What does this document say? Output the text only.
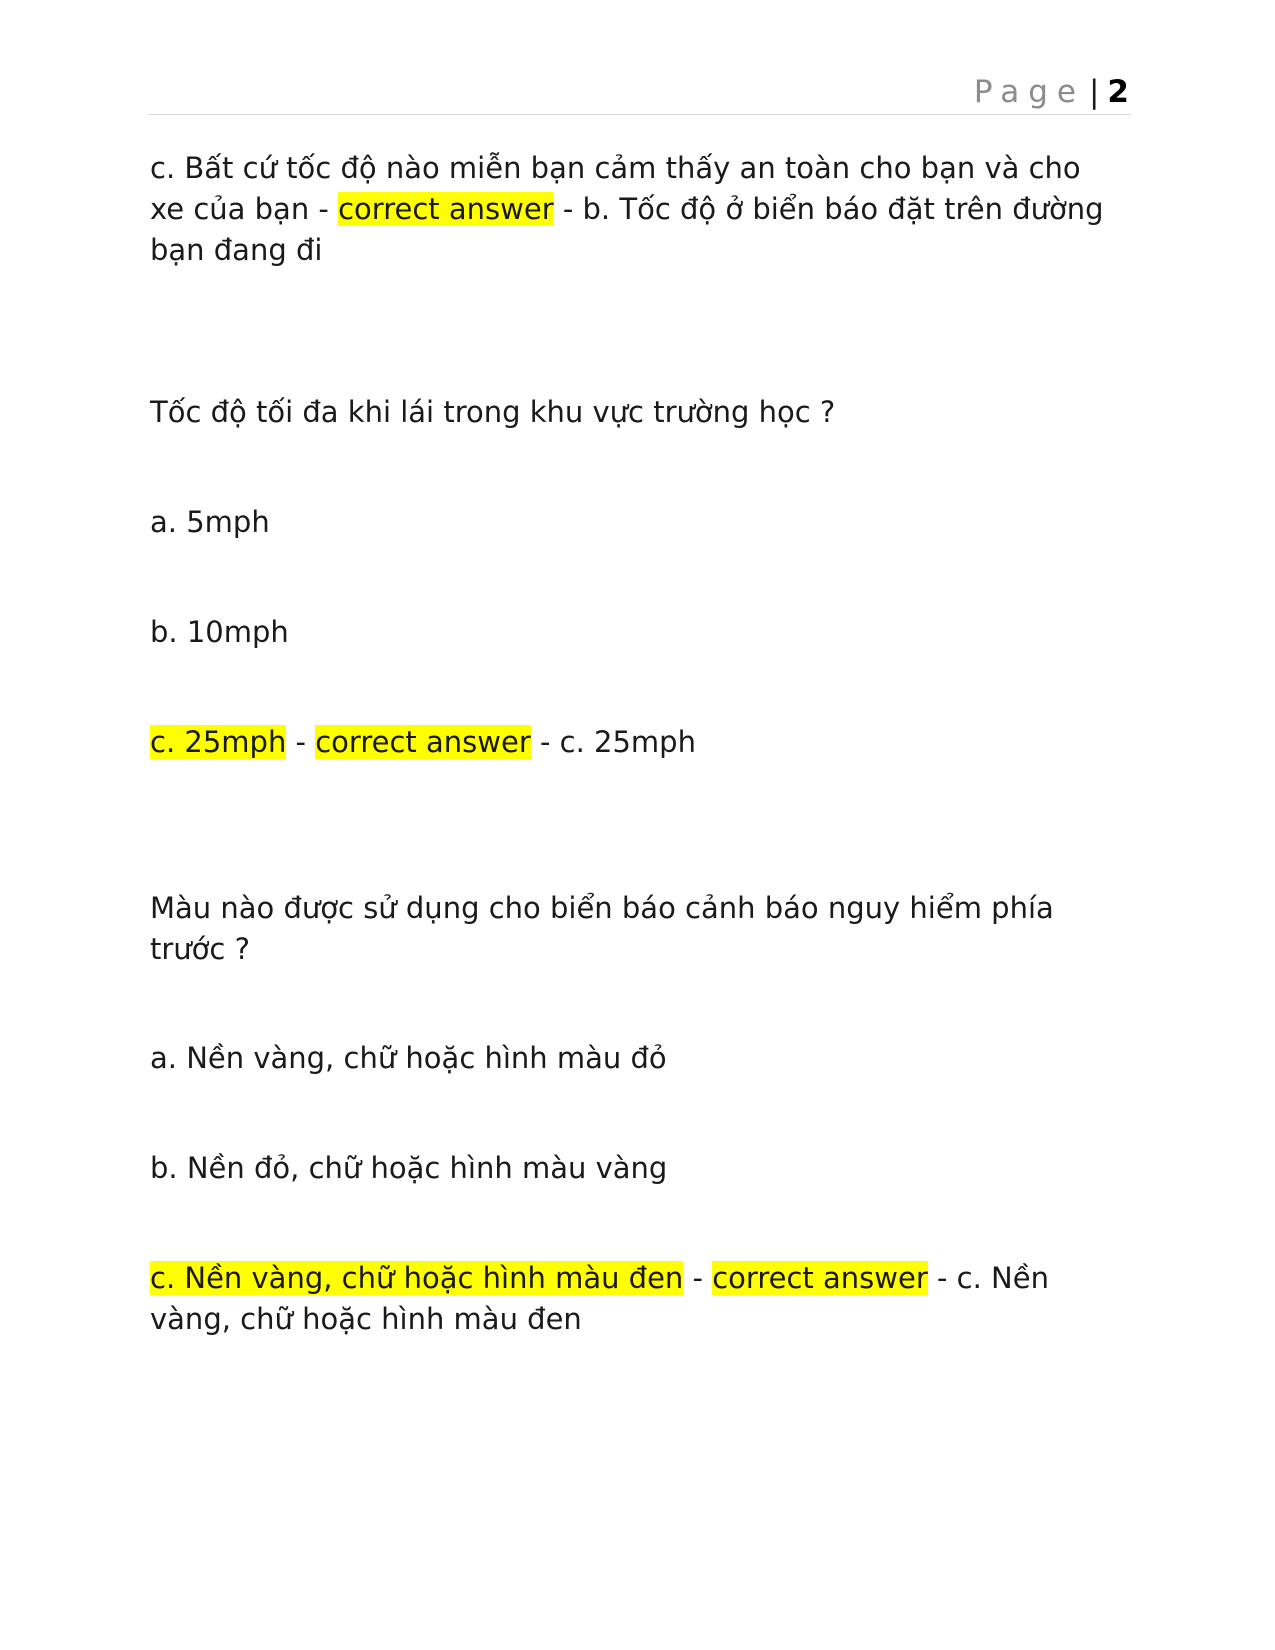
Page | 2

c. Bất cứ tốc độ nào miễn bạn cảm thấy an toàn cho bạn và cho xe của bạn - correct answer - b. Tốc độ ở biển báo đặt trên đường bạn đang đi

Tốc độ tối đa khi lái trong khu vực trường học ?

a. 5mph

b. 10mph

c. 25mph - correct answer - c. 25mph

Màu nào được sử dụng cho biển báo cảnh báo nguy hiểm phía trước ?

a. Nền vàng, chữ hoặc hình màu đỏ

b. Nền đỏ, chữ hoặc hình màu vàng

c. Nền vàng, chữ hoặc hình màu đen - correct answer - c. Nền vàng, chữ hoặc hình màu đen
